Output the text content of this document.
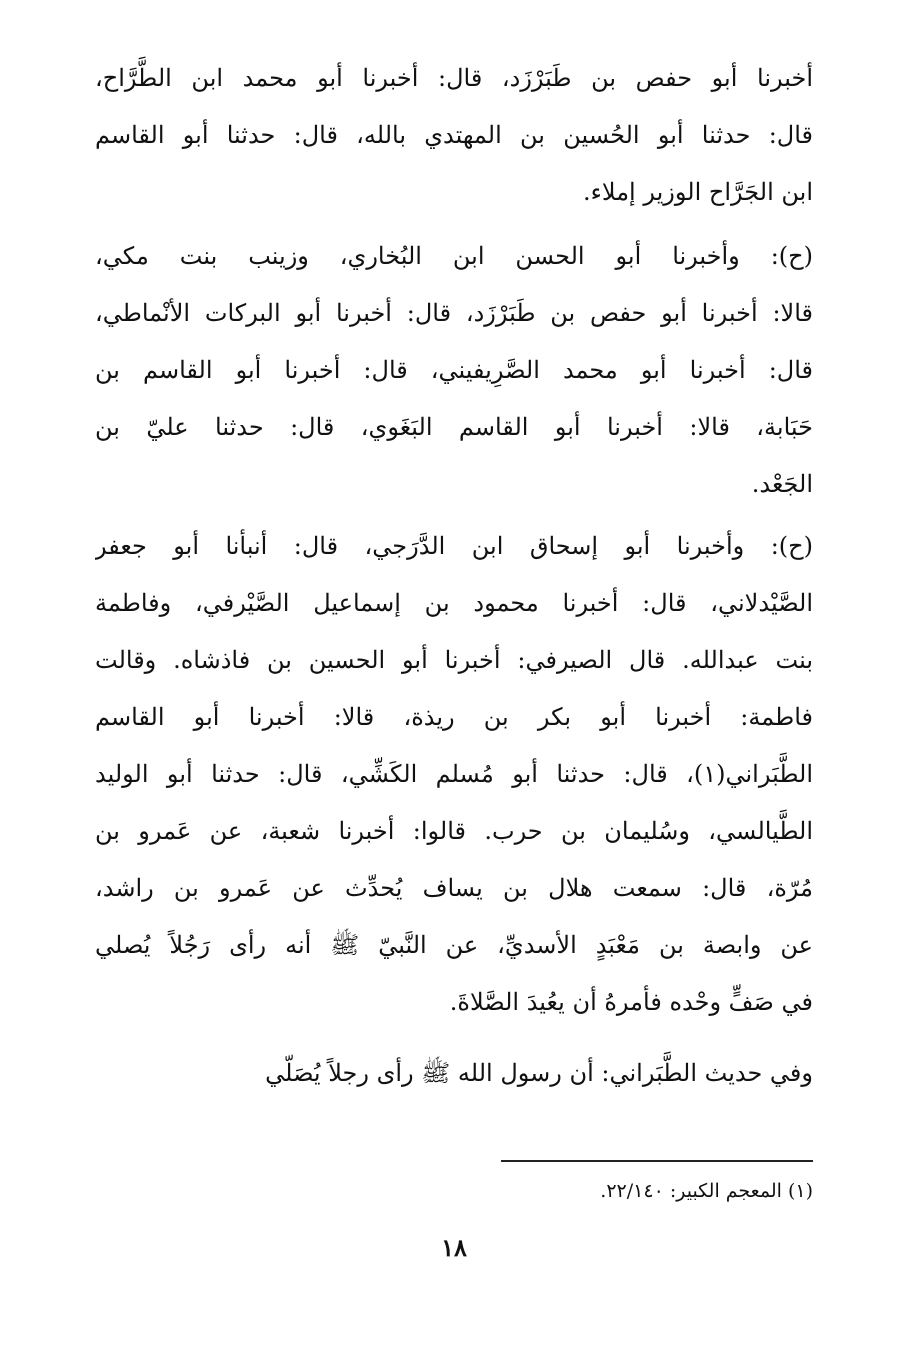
أخبرنا أبو حفص بن طَبَرْزَد، قال: أخبرنا أبو محمد ابن الطَّرَّاح،
قال: حدثنا أبو الحُسين بن المهتدي بالله، قال: حدثنا أبو القاسم
ابن الجَرَّاح الوزير إملاء.

(ح): وأخبرنا أبو الحسن ابن البُخاري، وزينب بنت مكي،
قالا: أخبرنا أبو حفص بن طَبَرْزَد، قال: أخبرنا أبو البركات الأنْماطي،
قال: أخبرنا أبو محمد الصَّرِيفيني، قال: أخبرنا أبو القاسم بن
حَبَابة، قالا: أخبرنا أبو القاسم البَغَوي، قال: حدثنا عليّ بن
الجَعْد.

(ح): وأخبرنا أبو إسحاق ابن الدَّرَجي، قال: أنبأنا أبو جعفر
الصَّيْدلاني، قال: أخبرنا محمود بن إسماعيل الصَّيْرفي، وفاطمة
بنت عبدالله. قال الصيرفي: أخبرنا أبو الحسين بن فاذشاه. وقالت
فاطمة: أخبرنا أبو بكر بن ريذة، قالا: أخبرنا أبو القاسم
الطَّبَراني(١)، قال: حدثنا أبو مُسلم الكَشِّي، قال: حدثنا أبو الوليد
الطَّيالسي، وسُليمان بن حرب. قالوا: أخبرنا شعبة، عن عَمرو بن
مُرّة، قال: سمعت هلال بن يساف يُحدِّث عن عَمرو بن راشد،
عن وابصة بن مَعْبَدٍ الأسديِّ، عن النَّبيّ ﷺ أنه رأى رَجُلاً يُصلي
في صَفٍّ وحْده فأمرهُ أن يعُيدَ الصَّلاةَ.

وفي حديث الطَّبَراني: أن رسول الله ﷺ رأى رجلاً يُصَلّي

(١) المعجم الكبير: ٢٢/١٤٠.
١٨
